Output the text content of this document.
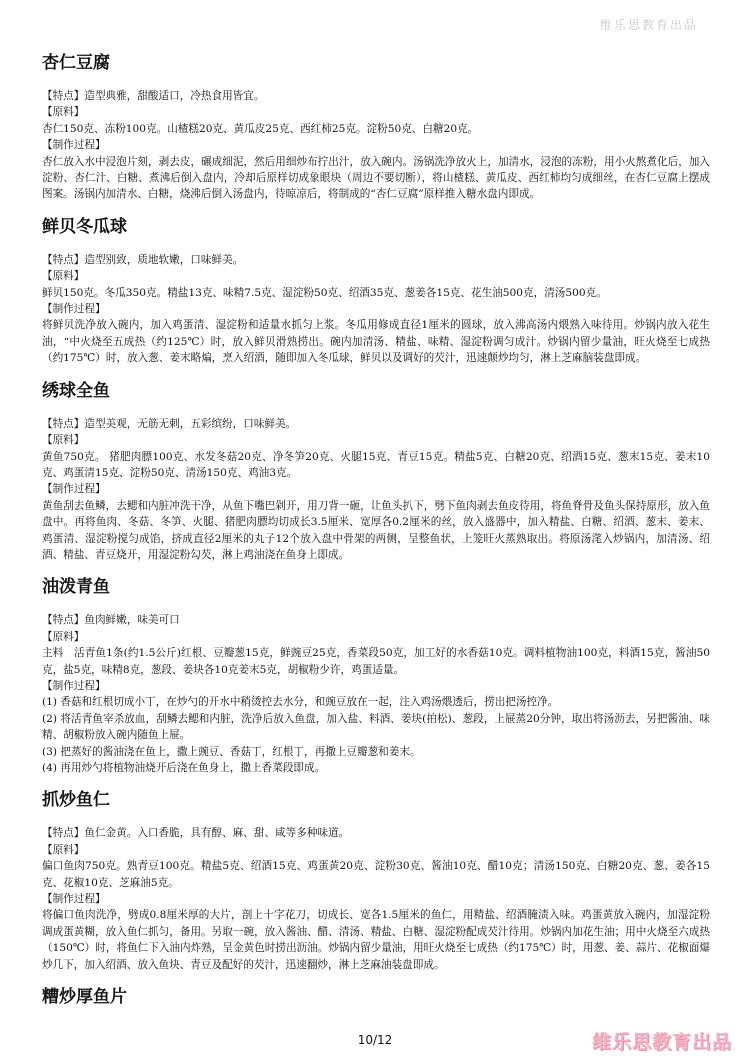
维乐思教育出品
杏仁豆腐

【特点】造型典雅，甜酸适口，冷热食用皆宜。

【原料】

杏仁150克、冻粉100克。山楂糕20克、黄瓜皮25克、西红柿25克。淀粉50克、白糖20克。

【制作过程】

杏仁放入水中浸泡片刻，剥去皮，碾成细泥，然后用细炒布拧出汁，放入碗内。汤锅洗净放火上，加清水，浸泡的冻粉，用小火熬煮化后，加入淀粉、杏仁汁、白糖、煮沸后倒入盘内，冷却后原样切成象眼块（周边不要切断），将山楂糕、黄瓜皮、西红柿均匀成细丝，在杏仁豆腐上摆成图案。汤锅内加清水、白糖，烧沸后倒入汤盘内，待晾凉后，将制成的“杏仁豆腐”原样推入糖水盘内即成。

鲜贝冬瓜球

【特点】造型别致，质地软嫩，口味鲜美。

【原料】

鲜贝150克。冬瓜350克。精盐13克、味精7.5克、湿淀粉50克、绍酒35克、葱姜各15克、花生油500克，清汤500克。

【制作过程】

将鲜贝洗净放入碗内，加入鸡蛋清、湿淀粉和适量水抓匀上浆。冬瓜用修成直径1厘米的圆球，放入沸高汤内煨熟入味待用。炒锅内放入花生油，“中火烧至五成热（约125℃）时，放入鲜贝滑熟捞出。碗内加清汤、精盐、味精、湿淀粉调匀成汁。炒锅内留少量油，旺火烧至七成热（约175℃）时，放入葱、姜末略煸，烹入绍酒，随即加入冬瓜球，鲜贝以及调好的芡汁，迅速颠炒均匀，淋上芝麻脑装盘即成。

绣球全鱼

【特点】造型美观，无筋无刺，五彩缤纷，口味鲜美。

【原料】

黄鱼750克。 猪肥肉膘100克、水发冬菇20克、净冬笋20克、火腿15克、青豆15克。精盐5克、白糖20克、绍酒15克、葱末15克、姜末10克、鸡蛋清15克、淀粉50克、清汤150克、鸡油3克。

【制作过程】

黄鱼刮去鱼鳞，去鳃和内脏冲洗干净，从鱼下嘴巴剁开，用刀背一砸，让鱼头扒下，劈下鱼肉剥去鱼皮待用，将鱼脊骨及鱼头保持原形，放入鱼盘中。再将鱼肉、冬菇、冬笋、火腿、猪肥肉膘均切成长3.5厘米、宽厚各0.2厘米的丝，放入盛器中，加入精盐、白糖、绍酒、葱末、姜末、鸡蛋清、湿淀粉搅匀成馅，挤成直径2厘米的丸子12个放入盘中骨架的两侧，呈整鱼状，上笼旺火蒸熟取出。将原汤滗入炒锅内，加清汤、绍酒、精盐、青豆烧开，用湿淀粉勾芡，淋上鸡油浇在鱼身上即成。

油泼青鱼

【特点】鱼肉鲜嫩，味美可口

【原料】

主料　活青鱼1条(约1.5公斤)红根、豆瓣葱15克，鲜豌豆25克，香菜段50克，加工好的水香菇10克。调料植物油100克，料酒15克，酱油50克，盐5克，味精8克，葱段、姜块各10克姜末5克，胡椒粉少许，鸡蛋适量。

【制作过程】

(1) 香菇和红根切成小丁，在炒勺的开水中稍烫控去水分，和豌豆放在一起，注入鸡汤煨透后，捞出把汤控净。

(2) 将活青鱼宰杀放血，刮鳞去鳃和内脏，洗净后放入鱼盘，加入盐、料酒、姜块(拍松)、葱段，上屉蒸20分钟，取出将汤沥去，另把酱油、味精、胡椒粉放入碗内随鱼上屉。

(3) 把蒸好的酱油浇在鱼上，撒上豌豆、香菇丁，红根丁，再撒上豆瓣葱和姜末。

(4) 再用炒勺将植物油烧开后浇在鱼身上，撒上香菜段即成。

抓炒鱼仁

【特点】鱼仁金黄。入口香脆，具有醇、麻、甜、咸等多种味道。

【原料】

偏口鱼肉750克。熟青豆100克。精盐5克、绍酒15克、鸡蛋黄20克、淀粉30克、酱油10克、醋10克；清汤150克、白糖20克、葱、姜各15克、花椒10克、芝麻油5克。

【制作过程】

将偏口鱼肉洗净，劈成0.8厘米厚的大片，剖上十字花刀，切成长、宽各1.5厘米的鱼仁，用精盐、绍酒腌渍入味。鸡蛋黄放入碗内，加湿淀粉调成蛋黄糊，放入鱼仁抓匀，备用。另取一碗，放入酱油、醋、清汤、精盐、白糖、湿淀粉配成芡汁待用。炒锅内加花生油；用中火烧至六成热（150℃）时，将鱼仁下入油内炸熟，呈金黄色时捞出沥油。炒锅内留少量油，用旺火烧至七成热（约175℃）时，用葱、姜、蒜片、花椒面爆炒几下，加入绍酒、放入鱼块、青豆及配好的芡汁，迅速翻炒，淋上芝麻油装盘即成。

糟炒厚鱼片
10/12	维乐思教育出品
